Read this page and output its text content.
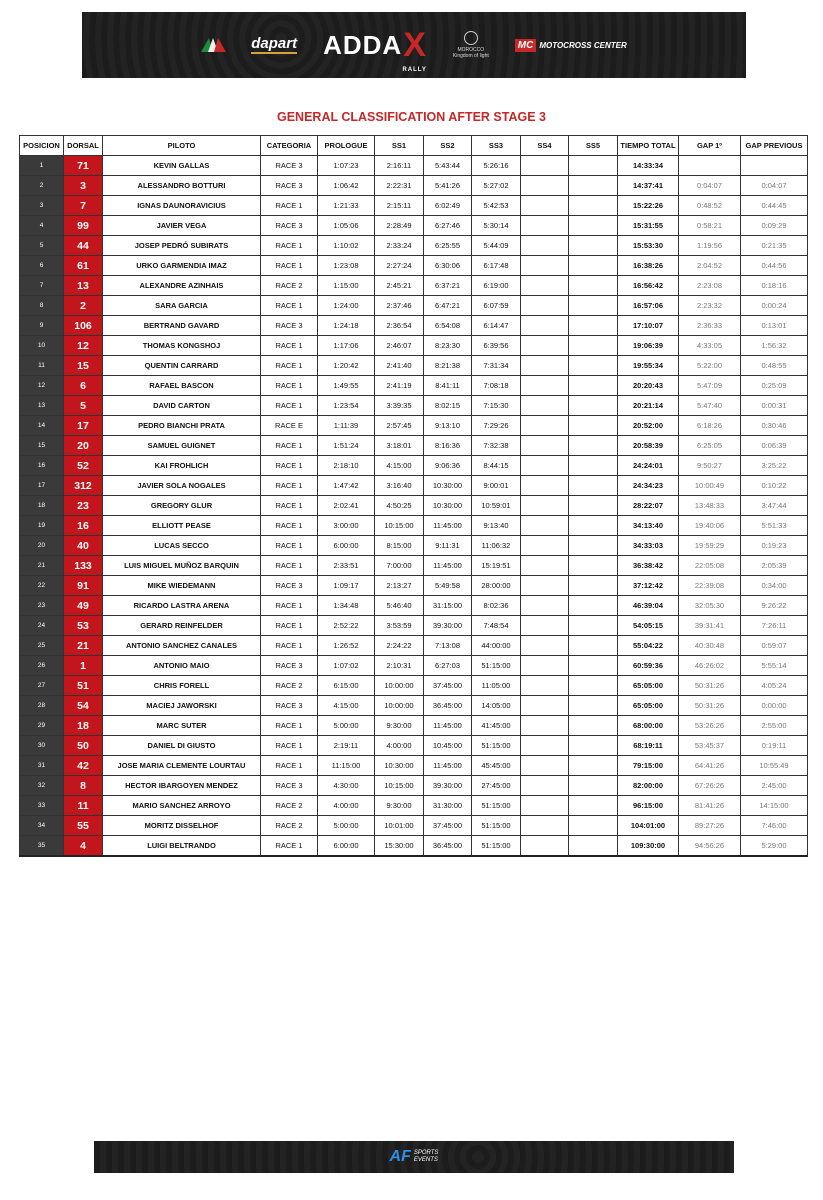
dapart ADDA X
RALLY
MOROCCO
Kingdom of light
MC MOTOCROSS CENTER
GENERAL CLASSIFICATION AFTER STAGE 3
POSICION	DORSAL	PILOTO	CATEGORIA	PROLOGUE	SS1	SS2	SS3	SS4	SS5	TIEMPO TOTAL	GAP 1º	GAP PREVIOUS
1	71	KEVIN GALLAS	RACE 3	1:07:23	2:16:11	5:43:44	5:26:16			14:33:34		
2	3	ALESSANDRO BOTTURI	RACE 3	1:06:42	2:22:31	5:41:26	5:27:02			14:37:41	0:04:07	0:04:07
3	7	IGNAS DAUNORAVICIUS	RACE 1	1:21:33	2:15:11	6:02:49	5:42:53			15:22:26	0:48:52	0:44:45
4	99	JAVIER VEGA	RACE 3	1:05:06	2:28:49	6:27:46	5:30:14			15:31:55	0:58:21	0:09:29
5	44	JOSEP PEDRÓ SUBIRATS	RACE 1	1:10:02	2:33:24	6:25:55	5:44:09			15:53:30	1:19:56	0:21:35
6	61	URKO GARMENDIA IMAZ	RACE 1	1:23:08	2:27:24	6:30:06	6:17:48			16:38:26	2:04:52	0:44:56
7	13	ALEXANDRE AZINHAIS	RACE 2	1:15:00	2:45:21	6:37:21	6:19:00			16:56:42	2:23:08	0:18:16
8	2	SARA GARCIA	RACE 1	1:24:00	2:37:46	6:47:21	6:07:59			16:57:06	2:23:32	0:00:24
9	106	BERTRAND GAVARD	RACE 3	1:24:18	2:36:54	6:54:08	6:14:47			17:10:07	2:36:33	0:13:01
10	12	THOMAS KONGSHOJ	RACE 1	1:17:06	2:46:07	8:23:30	6:39:56			19:06:39	4:33:05	1:56:32
11	15	QUENTIN CARRARD	RACE 1	1:20:42	2:41:40	8:21:38	7:31:34			19:55:34	5:22:00	0:48:55
12	6	RAFAEL BASCON	RACE 1	1:49:55	2:41:19	8:41:11	7:08:18			20:20:43	5:47:09	0:25:09
13	5	DAVID CARTON	RACE 1	1:23:54	3:39:35	8:02:15	7:15:30			20:21:14	5:47:40	0:00:31
14	17	PEDRO BIANCHI PRATA	RACE E	1:11:39	2:57:45	9:13:10	7:29:26			20:52:00	6:18:26	0:30:46
15	20	SAMUEL GUIGNET	RACE 1	1:51:24	3:18:01	8:16:36	7:32:38			20:58:39	6:25:05	0:06:39
16	52	KAI FROHLICH	RACE 1	2:18:10	4:15:00	9:06:36	8:44:15			24:24:01	9:50:27	3:25:22
17	312	JAVIER SOLA NOGALES	RACE 1	1:47:42	3:16:40	10:30:00	9:00:01			24:34:23	10:00:49	0:10:22
18	23	GREGORY GLUR	RACE 1	2:02:41	4:50:25	10:30:00	10:59:01			28:22:07	13:48:33	3:47:44
19	16	ELLIOTT PEASE	RACE 1	3:00:00	10:15:00	11:45:00	9:13:40			34:13:40	19:40:06	5:51:33
20	40	LUCAS SECCO	RACE 1	6:00:00	8:15:00	9:11:31	11:06:32			34:33:03	19:59:29	0:19:23
21	133	LUIS MIGUEL MUÑOZ BARQUIN	RACE 1	2:33:51	7:00:00	11:45:00	15:19:51			36:38:42	22:05:08	2:05:39
22	91	MIKE WIEDEMANN	RACE 3	1:09:17	2:13:27	5:49:58	28:00:00			37:12:42	22:39:08	0:34:00
23	49	RICARDO LASTRA ARENA	RACE 1	1:34:48	5:46:40	31:15:00	8:02:36			46:39:04	32:05:30	9:26:22
24	53	GERARD REINFELDER	RACE 1	2:52:22	3:53:59	39:30:00	7:48:54			54:05:15	39:31:41	7:26:11
25	21	ANTONIO SANCHEZ CANALES	RACE 1	1:26:52	2:24:22	7:13:08	44:00:00			55:04:22	40:30:48	0:59:07
26	1	ANTONIO MAIO	RACE 3	1:07:02	2:10:31	6:27:03	51:15:00			60:59:36	46:26:02	5:55:14
27	51	CHRIS FORELL	RACE 2	6:15:00	10:00:00	37:45:00	11:05:00			65:05:00	50:31:26	4:05:24
28	54	MACIEJ JAWORSKI	RACE 3	4:15:00	10:00:00	36:45:00	14:05:00			65:05:00	50:31:26	0:00:00
29	18	MARC SUTER	RACE 1	5:00:00	9:30:00	11:45:00	41:45:00			68:00:00	53:26:26	2:55:00
30	50	DANIEL DI GIUSTO	RACE 1	2:19:11	4:00:00	10:45:00	51:15:00			68:19:11	53:45:37	0:19:11
31	42	JOSE MARIA CLEMENTE LOURTAU	RACE 1	11:15:00	10:30:00	11:45:00	45:45:00			79:15:00	64:41:26	10:55:49
32	8	HECTOR IBARGOYEN MENDEZ	RACE 3	4:30:00	10:15:00	39:30:00	27:45:00			82:00:00	67:26:26	2:45:00
33	11	MARIO SANCHEZ ARROYO	RACE 2	4:00:00	9:30:00	31:30:00	51:15:00			96:15:00	81:41:26	14:15:00
34	55	MORITZ DISSELHOF	RACE 2	5:00:00	10:01:00	37:45:00	51:15:00			104:01:00	89:27:26	7:46:00
35	4	LUIGI BELTRANDO	RACE 1	6:00:00	15:30:00	36:45:00	51:15:00			109:30:00	94:56:26	5:29:00
AF SPORTS
EVENTS
